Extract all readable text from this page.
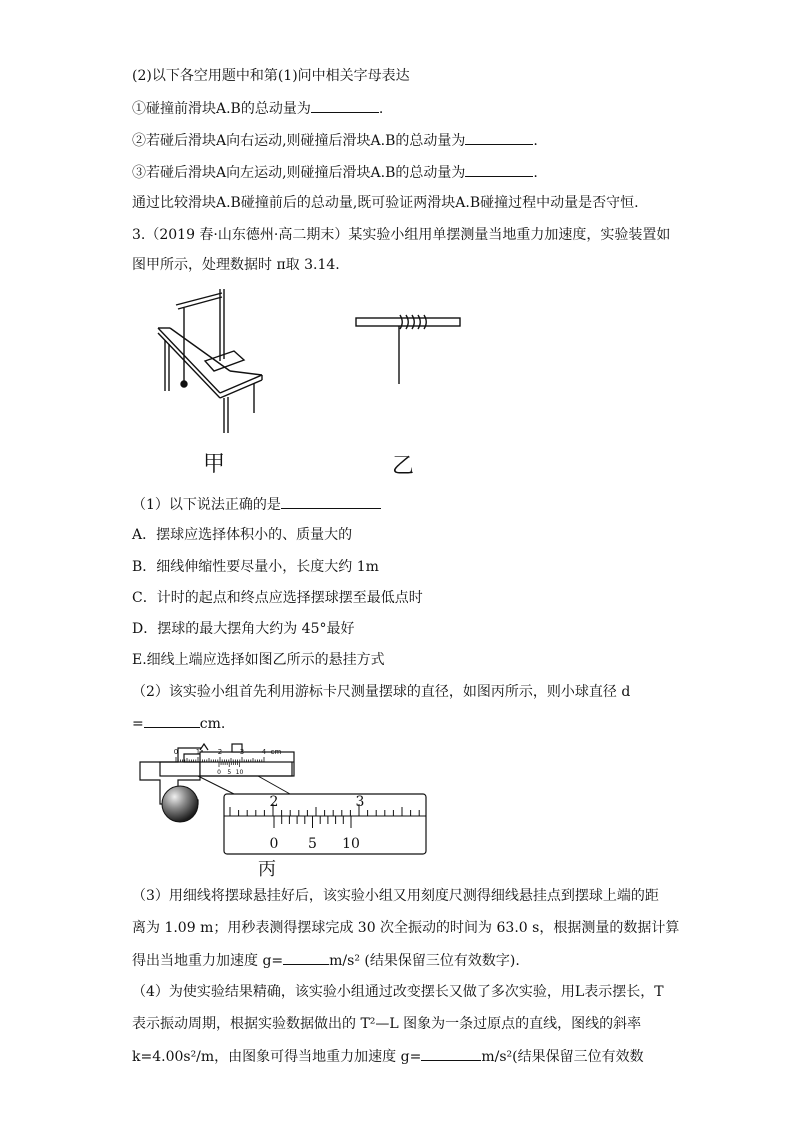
(2)以下各空用题中和第(1)问中相关字母表达
①碰撞前滑块A.B的总动量为	.
②若碰后滑块A向右运动,则碰撞后滑块A.B的总动量为	.
③若碰后滑块A向左运动,则碰撞后滑块A.B的总动量为	.
通过比较滑块A.B碰撞前后的总动量,既可验证两滑块A.B碰撞过程中动量是否守恒.
3.（2019 春·山东德州·高二期末）某实验小组用单摆测量当地重力加速度，实验装置如
图甲所示，处理数据时 π取 3.14.
甲	乙
（1）以下说法正确的是
A．摆球应选择体积小的、质量大的
B．细线伸缩性要尽量小，长度大约 1m
C．计时的起点和终点应选择摆球摆至最低点时
D．摆球的最大摆角大约为 45°最好
E.细线上端应选择如图乙所示的悬挂方式
（2）该实验小组首先利用游标卡尺测量摆球的直径，如图丙所示，则小球直径 d
=	cm.
0	1	2	3	4 cm
0 5 10
2	3
0 5 10
丙
（3）用细线将摆球悬挂好后，该实验小组又用刻度尺测得细线悬挂点到摆球上端的距
离为 1.09 m；用秒表测得摆球完成 30 次全振动的时间为 63.0 s，根据测量的数据计算
得出当地重力加速度 g=	m/s² (结果保留三位有效数字).
（4）为使实验结果精确，该实验小组通过改变摆长又做了多次实验，用L表示摆长，T
表示振动周期，根据实验数据做出的 T²—L 图象为一条过原点的直线，图线的斜率
k=4.00s²/m，由图象可得当地重力加速度 g=	m/s²(结果保留三位有效数
